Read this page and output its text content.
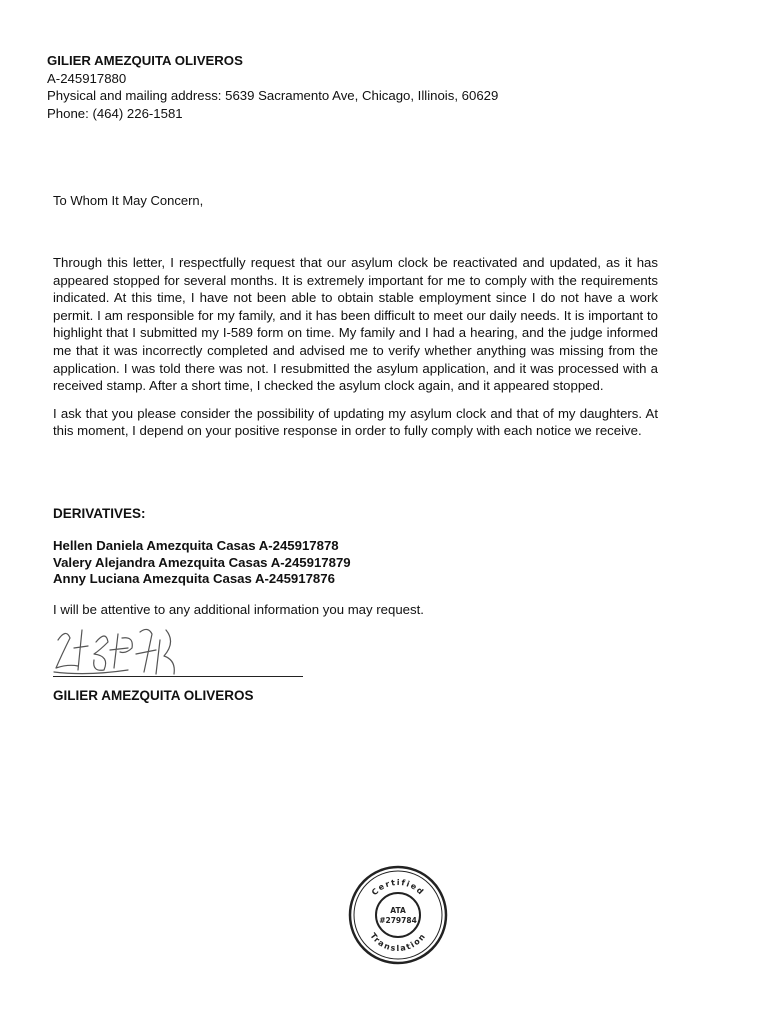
GILIER AMEZQUITA OLIVEROS
A-245917880
Physical and mailing address: 5639 Sacramento Ave, Chicago, Illinois, 60629
Phone: (464) 226-1581
To Whom It May Concern,

Through this letter, I respectfully request that our asylum clock be reactivated and updated, as it has appeared stopped for several months. It is extremely important for me to comply with the requirements indicated. At this time, I have not been able to obtain stable employment since I do not have a work permit. I am responsible for my family, and it has been difficult to meet our daily needs. It is important to highlight that I submitted my I-589 form on time. My family and I had a hearing, and the judge informed me that it was incorrectly completed and advised me to verify whether anything was missing from the application. I was told there was not. I resubmitted the asylum application, and it was processed with a received stamp. After a short time, I checked the asylum clock again, and it appeared stopped.

I ask that you please consider the possibility of updating my asylum clock and that of my daughters. At this moment, I depend on your positive response in order to fully comply with each notice we receive.

DERIVATIVES:
Hellen Daniela Amezquita Casas A-245917878
Valery Alejandra Amezquita Casas A-245917879
Anny Luciana Amezquita Casas A-245917876
I will be attentive to any additional information you may request.
GILIER AMEZQUITA OLIVEROS
Certified
Translation
ATA
#279784
